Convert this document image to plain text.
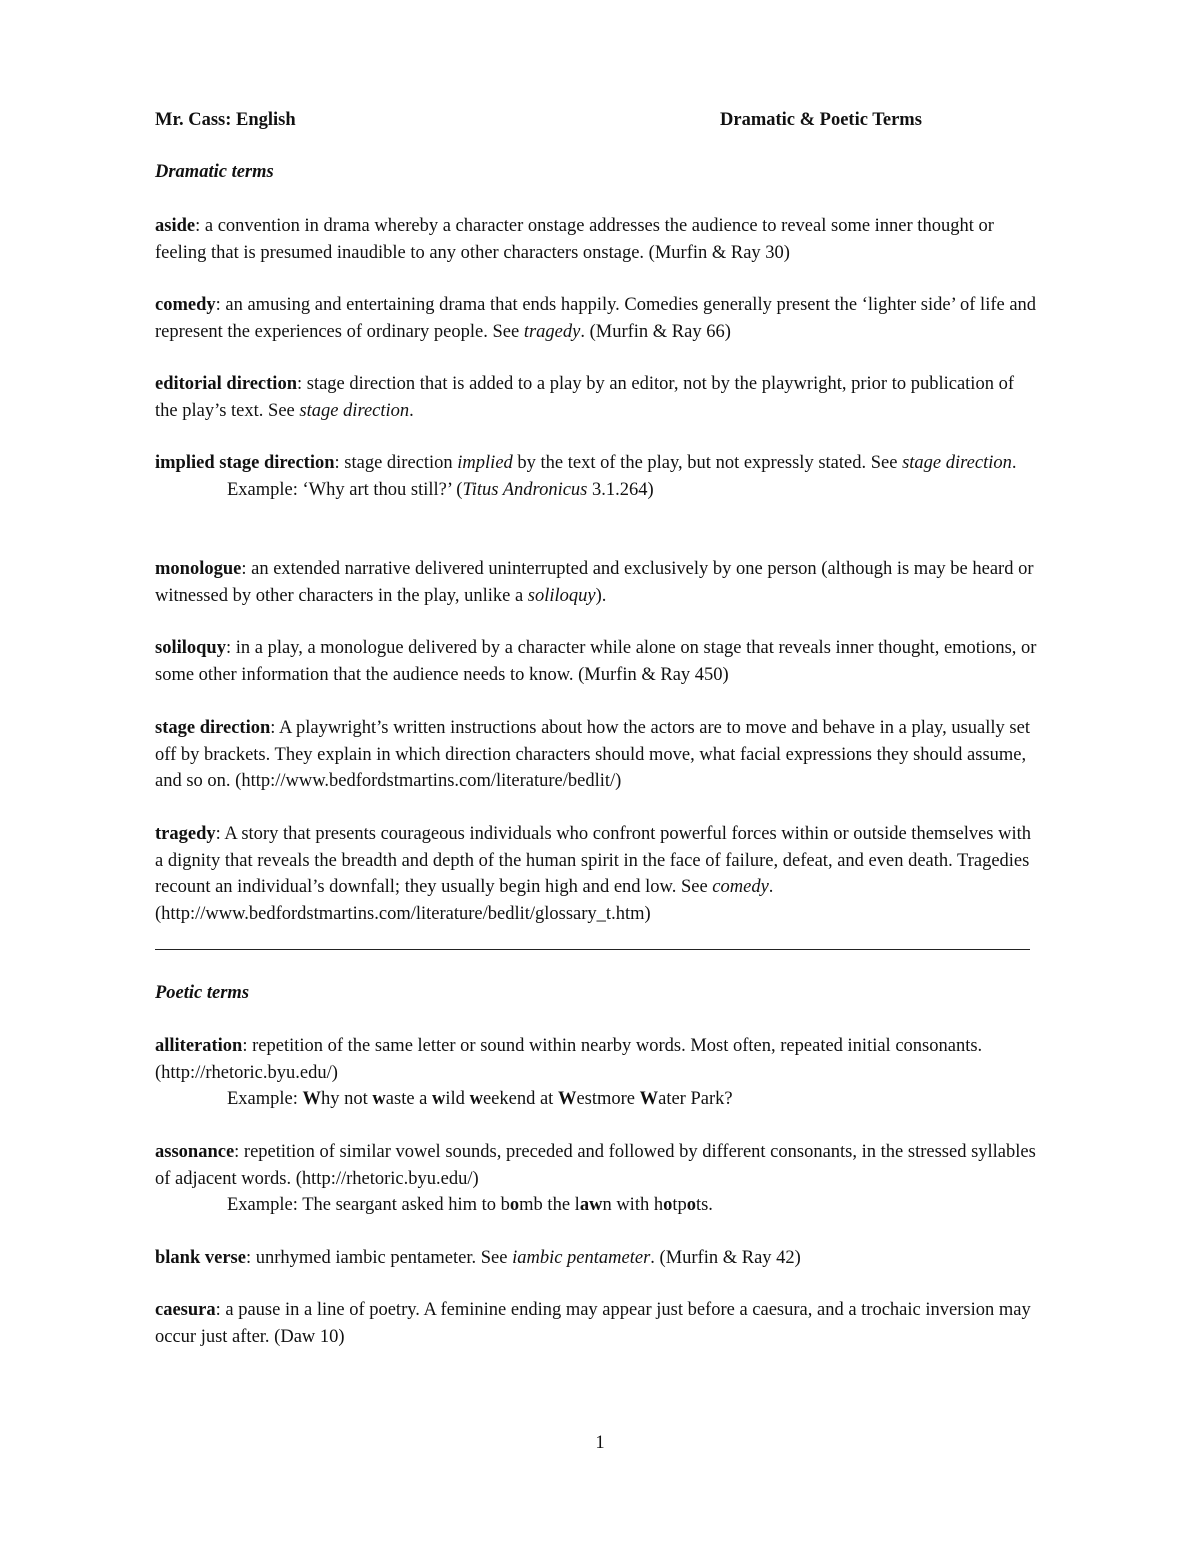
Mr. Cass: English	Dramatic & Poetic Terms
Dramatic terms
aside: a convention in drama whereby a character onstage addresses the audience to reveal some inner thought or feeling that is presumed inaudible to any other characters onstage. (Murfin & Ray 30)
comedy: an amusing and entertaining drama that ends happily. Comedies generally present the ‘lighter side’ of life and represent the experiences of ordinary people. See tragedy. (Murfin & Ray 66)
editorial direction: stage direction that is added to a play by an editor, not by the playwright, prior to publication of the play’s text. See stage direction.
implied stage direction: stage direction implied by the text of the play, but not expressly stated. See stage direction.
Example: ‘Why art thou still?’ (Titus Andronicus 3.1.264)
monologue: an extended narrative delivered uninterrupted and exclusively by one person (although is may be heard or witnessed by other characters in the play, unlike a soliloquy).
soliloquy: in a play, a monologue delivered by a character while alone on stage that reveals inner thought, emotions, or some other information that the audience needs to know. (Murfin & Ray 450)
stage direction: A playwright’s written instructions about how the actors are to move and behave in a play, usually set off by brackets. They explain in which direction characters should move, what facial expressions they should assume, and so on. (http://www.bedfordstmartins.com/literature/bedlit/)
tragedy: A story that presents courageous individuals who confront powerful forces within or outside themselves with a dignity that reveals the breadth and depth of the human spirit in the face of failure, defeat, and even death. Tragedies recount an individual’s downfall; they usually begin high and end low. See comedy. (http://www.bedfordstmartins.com/literature/bedlit/glossary_t.htm)
Poetic terms
alliteration: repetition of the same letter or sound within nearby words. Most often, repeated initial consonants. (http://rhetoric.byu.edu/)
Example: Why not waste a wild weekend at Westmore Water Park?
assonance: repetition of similar vowel sounds, preceded and followed by different consonants, in the stressed syllables of adjacent words. (http://rhetoric.byu.edu/)
Example: The seargant asked him to bomb the lawn with hotpots.
blank verse: unrhymed iambic pentameter. See iambic pentameter. (Murfin & Ray 42)
caesura: a pause in a line of poetry. A feminine ending may appear just before a caesura, and a trochaic inversion may occur just after. (Daw 10)
1
